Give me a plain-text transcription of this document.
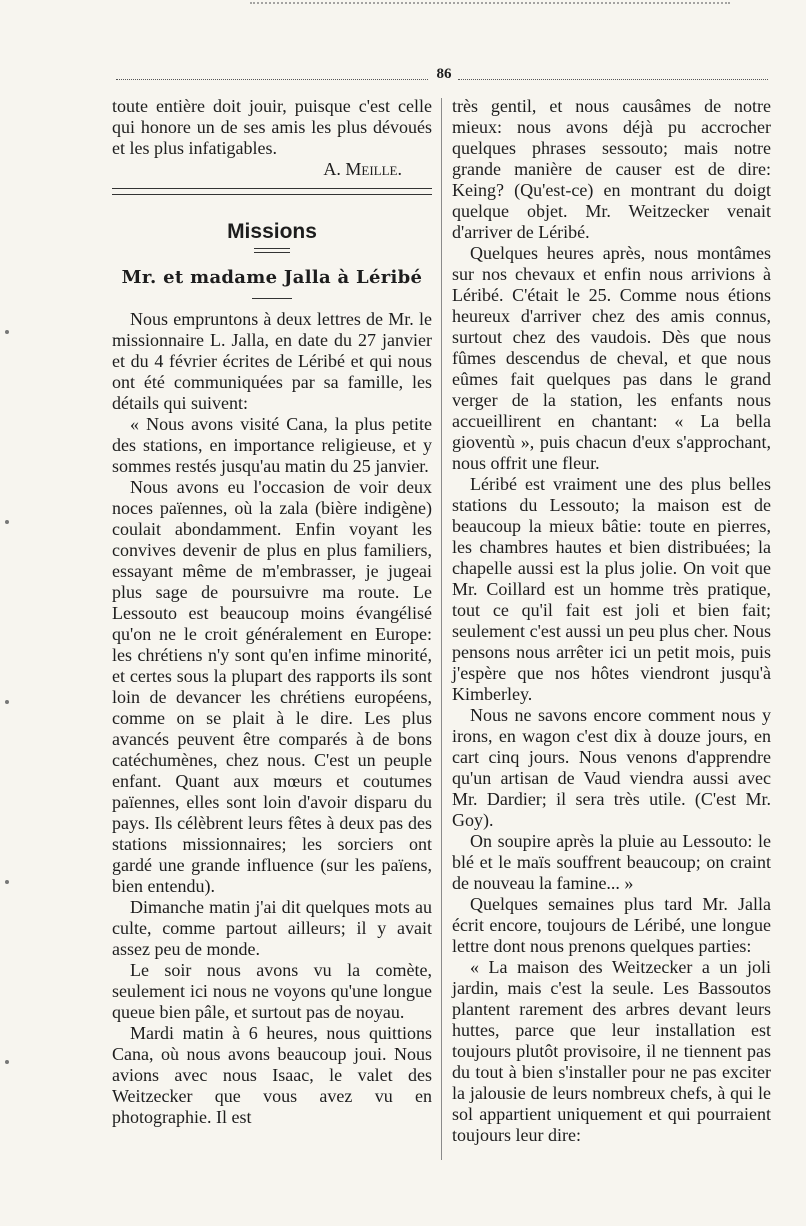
86

toute entière doit jouir, puisque c'est celle qui honore un de ses amis les plus dévoués et les plus infatigables.

A. Meille.

Missions
Mr. et madame Jalla à Léribé

Nous empruntons à deux lettres de Mr. le missionnaire L. Jalla, en date du 27 janvier et du 4 février écrites de Léribé et qui nous ont été communiquées par sa famille, les détails qui suivent:

« Nous avons visité Cana, la plus petite des stations, en importance religieuse, et y sommes restés jusqu'au matin du 25 janvier.

Nous avons eu l'occasion de voir deux noces païennes, où la zala (bière indigène) coulait abondamment. Enfin voyant les convives devenir de plus en plus familiers, essayant même de m'embrasser, je jugeai plus sage de poursuivre ma route. Le Lessouto est beaucoup moins évangélisé qu'on ne le croit généralement en Europe: les chrétiens n'y sont qu'en infime minorité, et certes sous la plupart des rapports ils sont loin de devancer les chrétiens européens, comme on se plait à le dire. Les plus avancés peuvent être comparés à de bons catéchumènes, chez nous. C'est un peuple enfant. Quant aux mœurs et coutumes païennes, elles sont loin d'avoir disparu du pays. Ils célèbrent leurs fêtes à deux pas des stations missionnaires; les sorciers ont gardé une grande influence (sur les païens, bien entendu).

Dimanche matin j'ai dit quelques mots au culte, comme partout ailleurs; il y avait assez peu de monde.

Le soir nous avons vu la comète, seulement ici nous ne voyons qu'une longue queue bien pâle, et surtout pas de noyau.

Mardi matin à 6 heures, nous quittions Cana, où nous avons beaucoup joui. Nous avions avec nous Isaac, le valet des Weitzecker que vous avez vu en photographie. Il est

très gentil, et nous causâmes de notre mieux: nous avons déjà pu accrocher quelques phrases sessouto; mais notre grande manière de causer est de dire: Keing? (Qu'est-ce) en montrant du doigt quelque objet. Mr. Weitzecker venait d'arriver de Léribé.

Quelques heures après, nous montâmes sur nos chevaux et enfin nous arrivions à Léribé. C'était le 25. Comme nous étions heureux d'arriver chez des amis connus, surtout chez des vaudois. Dès que nous fûmes descendus de cheval, et que nous eûmes fait quelques pas dans le grand verger de la station, les enfants nous accueillirent en chantant: « La bella gioventù », puis chacun d'eux s'approchant, nous offrit une fleur.

Léribé est vraiment une des plus belles stations du Lessouto; la maison est de beaucoup la mieux bâtie: toute en pierres, les chambres hautes et bien distribuées; la chapelle aussi est la plus jolie. On voit que Mr. Coillard est un homme très pratique, tout ce qu'il fait est joli et bien fait; seulement c'est aussi un peu plus cher. Nous pensons nous arrêter ici un petit mois, puis j'espère que nos hôtes viendront jusqu'à Kimberley.

Nous ne savons encore comment nous y irons, en wagon c'est dix à douze jours, en cart cinq jours. Nous venons d'apprendre qu'un artisan de Vaud viendra aussi avec Mr. Dardier; il sera très utile. (C'est Mr. Goy).

On soupire après la pluie au Lessouto: le blé et le maïs souffrent beaucoup; on craint de nouveau la famine... »

Quelques semaines plus tard Mr. Jalla écrit encore, toujours de Léribé, une longue lettre dont nous prenons quelques parties:

« La maison des Weitzecker a un joli jardin, mais c'est la seule. Les Bassoutos plantent rarement des arbres devant leurs huttes, parce que leur installation est toujours plutôt provisoire, il ne tiennent pas du tout à bien s'installer pour ne pas exciter la jalousie de leurs nombreux chefs, à qui le sol appartient uniquement et qui pourraient toujours leur dire:
